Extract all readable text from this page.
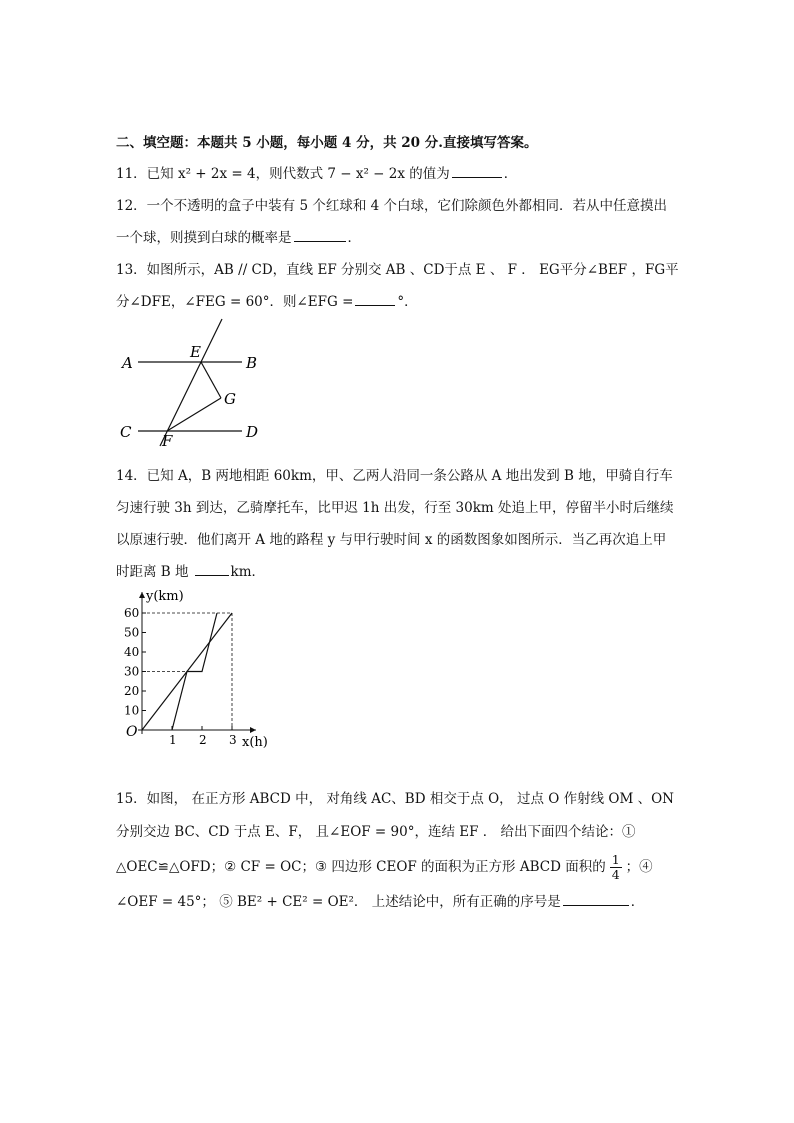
二、填空题：本题共 5 小题，每小题 4 分，共 20 分.直接填写答案。
11．已知 x² + 2x = 4，则代数式 7 − x² − 2x 的值为	．
12．一个不透明的盒子中装有 5 个红球和 4 个白球，它们除颜色外都相同．若从中任意摸出
一个球，则摸到白球的概率是	．
13．如图所示，AB // CD，直线 EF 分别交 AB 、CD于点 E 、 F ． EG平分∠BEF ，FG平
分∠DFE，∠FEG = 60°．则∠EFG =	°．
A	B
C	D
E
F
G
14．已知 A，B 两地相距 60km，甲、乙两人沿同一条公路从 A 地出发到 B 地，甲骑自行车
匀速行驶 3h 到达，乙骑摩托车，比甲迟 1h 出发，行至 30km 处追上甲，停留半小时后继续
以原速行驶．他们离开 A 地的路程 y 与甲行驶时间 x 的函数图象如图所示．当乙再次追上甲
时距离 B 地	km．
1 2 3
10
20
30
40
50
60
O
y(km)
x(h)
15．如图， 在正方形 ABCD 中， 对角线 AC、BD 相交于点 O， 过点 O 作射线 OM 、ON
分别交边 BC、CD 于点 E、F， 且∠EOF = 90°，连结 EF ． 给出下面四个结论：①
△OEC≌△OFD；② CF = OC；③ 四边形 CEOF 的面积为正方形 ABCD 面积的 $\frac{1}{4}$ ；④
∠OEF = 45°； ⑤ BE² + CE² = OE²． 上述结论中，所有正确的序号是	．
